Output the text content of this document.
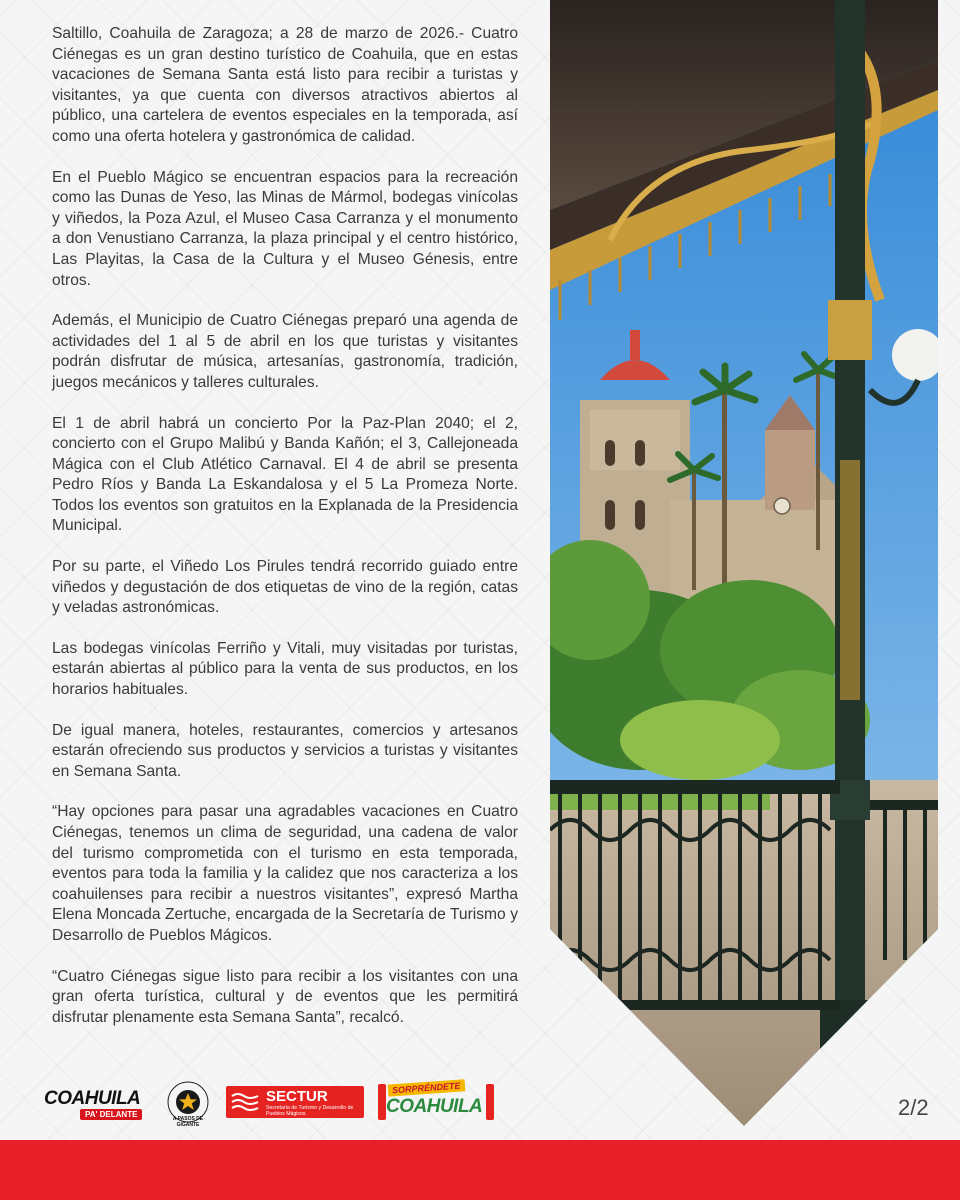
Saltillo, Coahuila de Zaragoza; a 28 de marzo de 2026.- Cuatro Ciénegas es un gran destino turístico de Coahuila, que en estas vacaciones de Semana Santa está listo para recibir a turistas y visitantes, ya que cuenta con diversos atractivos abiertos al público, una cartelera de eventos especiales en la temporada, así como una oferta hotelera y gastronómica de calidad.

En el Pueblo Mágico se encuentran espacios para la recreación como las Dunas de Yeso, las Minas de Mármol, bodegas vinícolas y viñedos, la Poza Azul, el Museo Casa Carranza y el monumento a don Venustiano Carranza, la plaza principal y el centro histórico, Las Playitas, la Casa de la Cultura y el Museo Génesis, entre otros.

Además, el Municipio de Cuatro Ciénegas preparó una agenda de actividades del 1 al 5 de abril en los que turistas y visitantes podrán disfrutar de música, artesanías, gastronomía, tradición, juegos mecánicos y talleres culturales.

El 1 de abril habrá un concierto Por la Paz-Plan 2040; el 2, concierto con el Grupo Malibú y Banda Kañón; el 3, Callejoneada Mágica con el Club Atlético Carnaval. El 4 de abril se presenta Pedro Ríos y Banda La Eskandalosa y el 5 La Promeza Norte. Todos los eventos son gratuitos en la Explanada de la Presidencia Municipal.

Por su parte, el Viñedo Los Pirules tendrá recorrido guiado entre viñedos y degustación de dos etiquetas de vino de la región, catas y veladas astronómicas.

Las bodegas vinícolas Ferriño y Vitali, muy visitadas por turistas, estarán abiertas al público para la venta de sus productos, en los horarios habituales.

De igual manera, hoteles, restaurantes, comercios y artesanos estarán ofreciendo sus productos y servicios a turistas y visitantes en Semana Santa.

“Hay opciones para pasar una agradables vacaciones en Cuatro Ciénegas, tenemos un clima de seguridad, una cadena de valor del turismo comprometida con el turismo en esta temporada, eventos para toda la familia y la calidez que nos caracteriza a los coahuilenses para recibir a nuestros visitantes”, expresó Martha Elena Moncada Zertuche, encargada de la Secretaría de Turismo y Desarrollo de Pueblos Mágicos.

“Cuatro Ciénegas sigue listo para recibir a los visitantes con una gran oferta turística, cultural y de eventos que les permitirá disfrutar plenamente esta Semana Santa”, recalcó.

COAHUILA
PA' DELANTE	A PASOS DE GIGANTE
SECTUR
Secretaría de Turismo y Desarrollo de Pueblos Mágicos
SORPRÉNDETE
COAHUILA	2/2
